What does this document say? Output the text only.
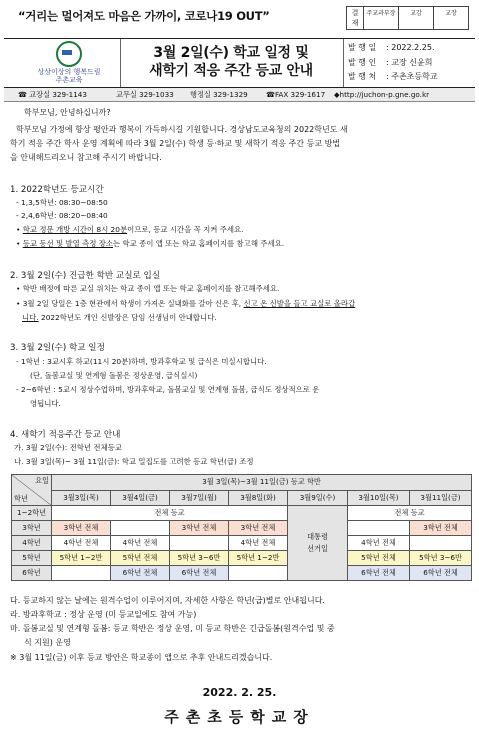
“거리는 멀어져도 마음은 가까이, 코로나19 OUT”	결재	주교과부장	교감	교장
상상이상의 행복드림
주촌교육
3월 2일(수) 학교 일정 및
새학기 적응 주간 등교 안내
발 행 일 : 2022.2.25.
발 행 인 : 교장 신윤희
발 행 처 : 주촌초등학교
☎ 교장실 329-1143	교무실 329-1033 행정실 329-1329	☎FAX 329-1617 ◆http://juchon-p.gne.go.kr
학부모님, 안녕하십니까?
학부모님 가정에 항상 평안과 행복이 가득하시길 기원합니다. 경상남도교육청의 2022학년도 새
학기 적응 주간 학사 운영 계획에 따라 3월 2일(수) 학생 등·하교 및 새학기 적응 주간 등교 방법
을 안내해드리오니 참고해 주시기 바랍니다.
1. 2022학년도 등교시간
- 1,3,5학년: 08:30~08:50
- 2,4,6학년: 08:20~08:40
• 학교 정문 개방 시간이 8시 20분이므로, 등교 시간을 꼭 지켜 주세요.
• 등교 동선 및 발열 측정 장소는 학교 종이 앱 또는 학교 홈페이지를 참고해 주세요.
2. 3월 2일(수) 진급한 학반 교실로 입실
• 학반 배정에 따른 교실 위치는 학교 종이 앱 또는 학교 홈페이지를 참고해주세요.
• 3월 2일 당일은 1층 현관에서 학생이 가져온 실내화를 갈아 신은 후, 신고 온 신발을 들고 교실로 올라갑
니다. 2022학년도 개인 신발장은 담임 선생님이 안내합니다.
3. 3월 2일(수) 학교 일정
- 1학년 : 3교시후 하교(11시 20분)하며, 방과후학교 및 급식은 미실시합니다.
(단, 돌봄교실 및 연계형 돌봄은 정상운영, 급식실시)
- 2~6학년 : 5교시 정상수업하며, 방과후학교, 돌봄교실 및 연계형 돌봄, 급식도 정상적으로 운
영됩니다.
4. 새학기 적응주간 등교 안내
가. 3월 2일(수): 전학년 전체등교
나. 3월 3일(목)~ 3월 11일(금): 학교 밀집도를 고려한 등교 학년(급) 조정
요일
학년	3월 3일(목)~3월 11일(금) 등교 학반						
	3월3일(목)	3월4일(금)	3월7일(월)	3월8일(화)	3월9일(수)	3월10일(목)	3월11일(금)
1~2학년	전체 등교				대통령
선거일	전체 등교	
3학년	3학년 전체		3학년 전체	3학년 전체			3학년 전체
4학년	4학년 전체	4학년 전체		4학년 전체		4학년 전체	
5학년	5학년 1~2반	5학년 전체	5학년 3~6반	5학년 1~2반		5학년 전체	5학년 3~6반
6학년		6학년 전체	6학년 전체			6학년 전체	6학년 전체
다. 등교하지 않는 날에는 원격수업이 이루어지며, 자세한 사항은 학년(급)별로 안내됩니다.
라. 방과후학교 : 정상 운영 (미 등교일에도 참여 가능)
마. 돌봄교실 및 연계형 돌봄: 등교 학반은 정상 운영, 미 등교 학반은 긴급돌봄(원격수업 및 중
식 지원) 운영
※ 3월 11일(금) 이후 등교 방안은 학교종이 앱으로 추후 안내드리겠습니다.
2022. 2. 25.
주촌초등학교장
